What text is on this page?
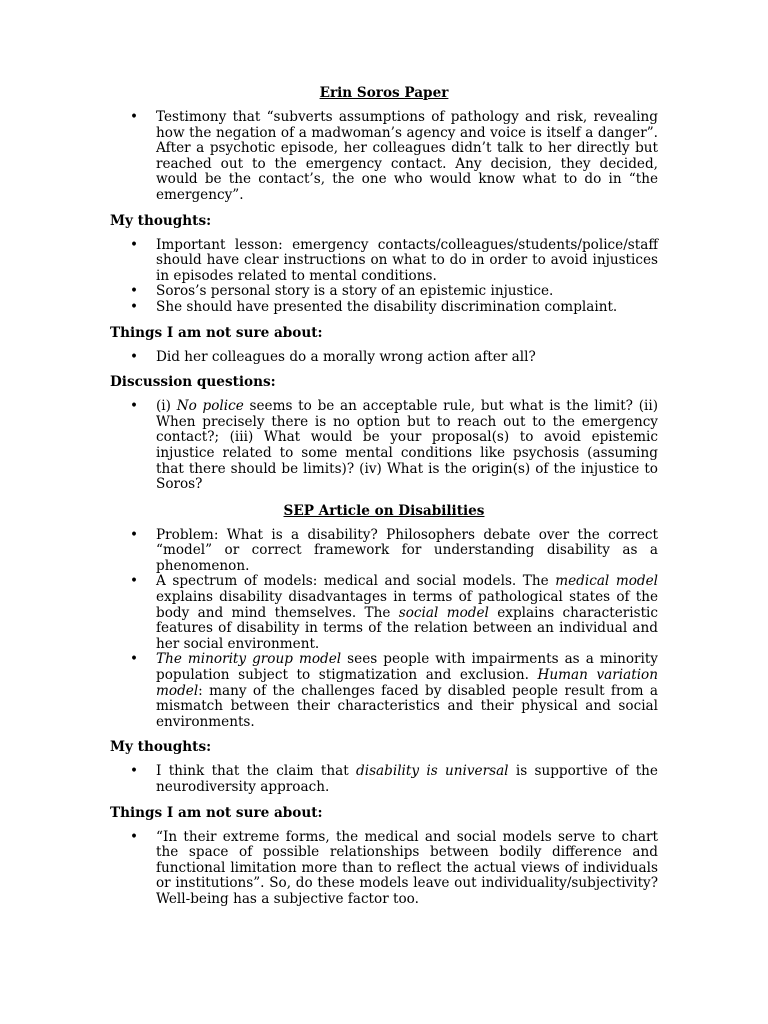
Erin Soros Paper

• Testimony that “subverts assumptions of pathology and risk, revealing how the negation of a madwoman’s agency and voice is itself a danger”. After a psychotic episode, her colleagues didn’t talk to her directly but reached out to the emergency contact. Any decision, they decided, would be the contact’s, the one who would know what to do in “the emergency”.

My thoughts:

• Important lesson: emergency contacts/colleagues/students/police/staff should have clear instructions on what to do in order to avoid injustices in episodes related to mental conditions.
• Soros’s personal story is a story of an epistemic injustice.
• She should have presented the disability discrimination complaint.

Things I am not sure about:

• Did her colleagues do a morally wrong action after all?

Discussion questions:

• (i) No police seems to be an acceptable rule, but what is the limit? (ii) When precisely there is no option but to reach out to the emergency contact?; (iii) What would be your proposal(s) to avoid epistemic injustice related to some mental conditions like psychosis (assuming that there should be limits)? (iv) What is the origin(s) of the injustice to Soros?

SEP Article on Disabilities

• Problem: What is a disability? Philosophers debate over the correct “model” or correct framework for understanding disability as a phenomenon.
• A spectrum of models: medical and social models. The medical model explains disability disadvantages in terms of pathological states of the body and mind themselves. The social model explains characteristic features of disability in terms of the relation between an individual and her social environment.
• The minority group model sees people with impairments as a minority population subject to stigmatization and exclusion. Human variation model: many of the challenges faced by disabled people result from a mismatch between their characteristics and their physical and social environments.

My thoughts:

• I think that the claim that disability is universal is supportive of the neurodiversity approach.

Things I am not sure about:

• “In their extreme forms, the medical and social models serve to chart the space of possible relationships between bodily difference and functional limitation more than to reflect the actual views of individuals or institutions”. So, do these models leave out individuality/subjectivity? Well-being has a subjective factor too.
